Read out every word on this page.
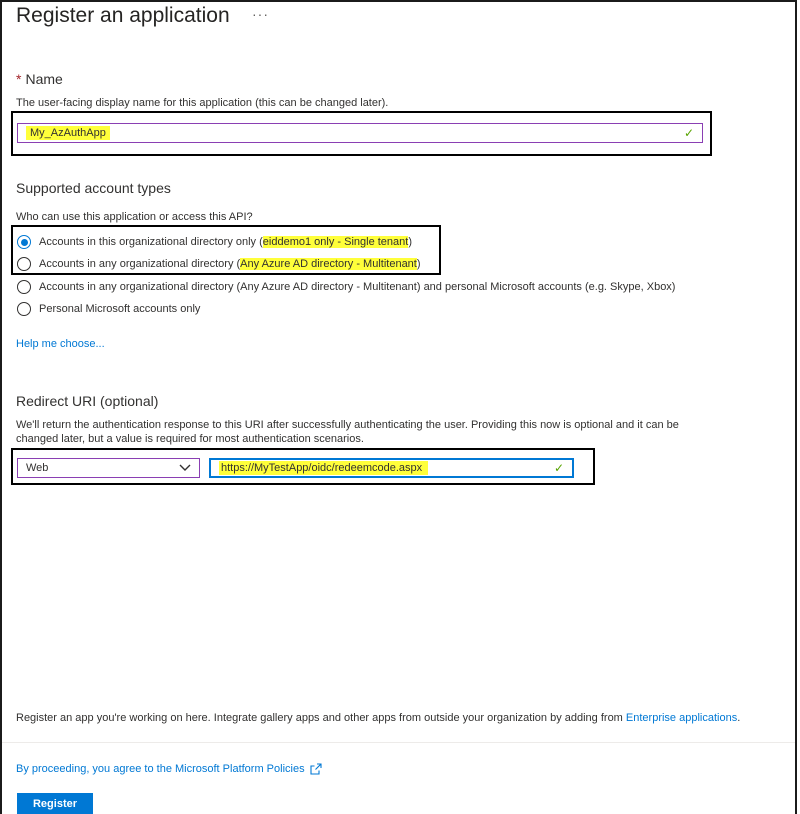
Register an application ···
* Name
The user-facing display name for this application (this can be changed later).
My_AzAuthApp	✓
Supported account types
Who can use this application or access this API?
Accounts in this organizational directory only ( eiddemo1 only - Single tenant )
Accounts in any organizational directory ( Any Azure AD directory - Multitenant )
Accounts in any organizational directory (Any Azure AD directory - Multitenant) and personal Microsoft accounts (e.g. Skype, Xbox)
Personal Microsoft accounts only
Help me choose...
Redirect URI (optional)
We'll return the authentication response to this URI after successfully authenticating the user. Providing this now is optional and it can be changed later, but a value is required for most authentication scenarios.
Web	https://MyTestApp/oidc/redeemcode.aspx	✓
Register an app you're working on here. Integrate gallery apps and other apps from outside your organization by adding from Enterprise applications.
By proceeding, you agree to the Microsoft Platform Policies
Register
